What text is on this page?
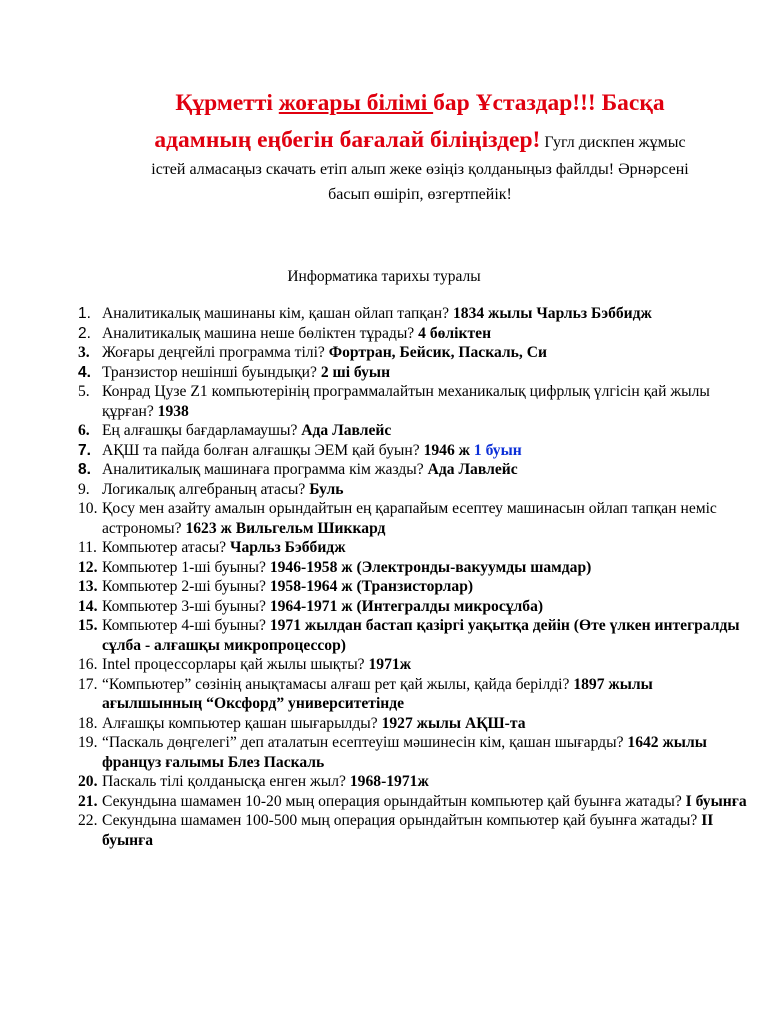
Құрметті жоғары білімі бар Ұстаздар!!! Басқа
адамның еңбегін бағалай біліңіздер! Гугл дискпен жұмыс
істей алмасаңыз скачать етіп алып жеке өзіңіз қолданыңыз файлды! Әрнәрсені
басып өшіріп, өзгертпейік!
Информатика тарихы туралы
1. Аналитикалық машинаны кім, қашан ойлап тапқан? 1834 жылы Чарльз Бэббидж
2. Аналитикалық машина неше бөліктен тұрады? 4 бөліктен
3. Жоғары деңгейлі программа тілі? Фортран, Бейсик, Паскаль, Си
4. Транзистор нешінші буындықи? 2 ші буын
5. Конрад Цузе Z1 компьютерінің программалайтын механикалық цифрлық үлгісін қай жылы құрған? 1938
6. Ең алғашқы бағдарламаушы? Ада Лавлейс
7. АҚШ та пайда болған алғашқы ЭЕМ қай буын? 1946 ж 1 буын
8. Аналитикалық машинаға программа кім жазды? Ада Лавлейс
9. Логикалық алгебраның атасы? Буль
10. Қосу мен азайту амалын орындайтын ең қарапайым есептеу машинасын ойлап тапқан неміс астрономы? 1623 ж Вильгельм Шиккард
11. Компьютер атасы? Чарльз Бэббидж
12. Компьютер 1-ші буыны? 1946-1958 ж (Электронды-вакуумды шамдар)
13. Компьютер 2-ші буыны? 1958-1964 ж (Транзисторлар)
14. Компьютер 3-ші буыны? 1964-1971 ж (Интегралды микросұлба)
15. Компьютер 4-ші буыны? 1971 жылдан бастап қазіргі уақытқа дейін (Өте үлкен интегралды сұлба - алғашқы микропроцессор)
16. Intel процессорлары қай жылы шықты? 1971ж
17. “Компьютер” сөзінің анықтамасы алғаш рет қай жылы, қайда берілді? 1897 жылы ағылшынның “Оксфорд” университетінде
18. Алғашқы компьютер қашан шығарылды? 1927 жылы АҚШ-та
19. “Паскаль дөңгелегі” деп аталатын есептеуіш мәшинесін кім, қашан шығарды? 1642 жылы француз ғалымы Блез Паскаль
20. Паскаль тілі қолданысқа енген жыл? 1968-1971ж
21. Секундына шамамен 10-20 мың операция орындайтын компьютер қай буынға жатады? I буынға
22. Секундына шамамен 100-500 мың операция орындайтын компьютер қай буынға жатады? II буынға
